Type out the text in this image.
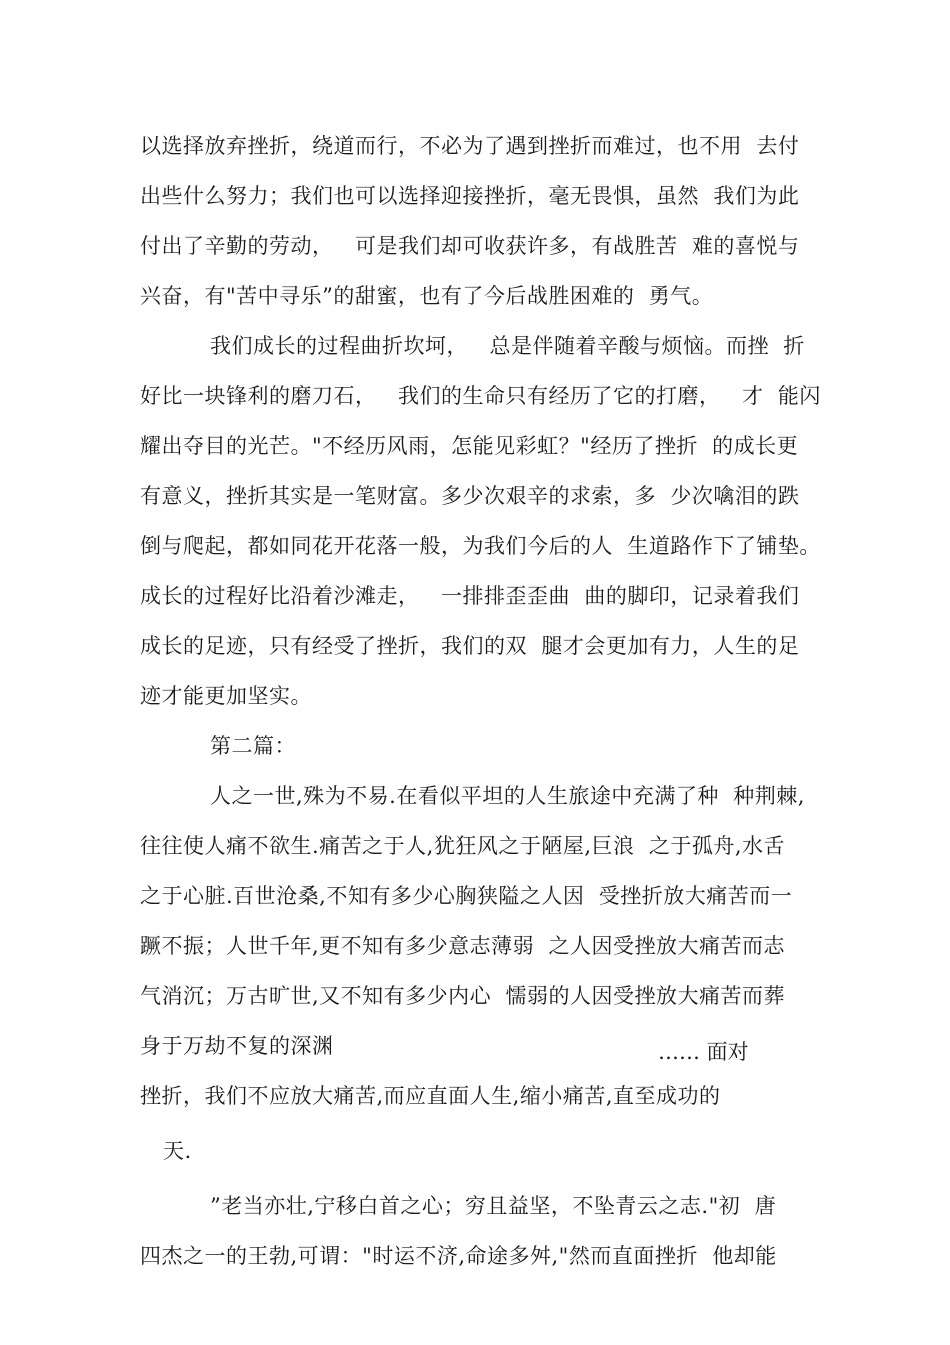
以选择放弃挫折，绕道而行，不必为了遇到挫折而难过，也不用  去付
出些什么努力；我们也可以选择迎接挫折，毫无畏惧，虽然  我们为此
付出了辛勤的劳动，   可是我们却可收获许多，有战胜苦  难的喜悦与
兴奋，有"苦中寻乐”的甜蜜，也有了今后战胜困难的  勇气。
我们成长的过程曲折坎坷，   总是伴随着辛酸与烦恼。而挫  折
好比一块锋利的磨刀石，   我们的生命只有经历了它的打磨，   才  能闪
耀出夺目的光芒。"不经历风雨，怎能见彩虹？"经历了挫折  的成长更
有意义，挫折其实是一笔财富。多少次艰辛的求索，多  少次噙泪的跌
倒与爬起，都如同花开花落一般，为我们今后的人  生道路作下了铺垫。
成长的过程好比沿着沙滩走，   一排排歪歪曲  曲的脚印，记录着我们
成长的足迹，只有经受了挫折，我们的双  腿才会更加有力，人生的足
迹才能更加坚实。
第二篇：
人之一世,殊为不易.在看似平坦的人生旅途中充满了种  种荆棘,
往往使人痛不欲生.痛苦之于人,犹狂风之于陋屋,巨浪  之于孤舟,水舌
之于心脏.百世沧桑,不知有多少心胸狭隘之人因  受挫折放大痛苦而一
蹶不振；人世千年,更不知有多少意志薄弱  之人因受挫放大痛苦而志
气消沉；万古旷世,又不知有多少内心  懦弱的人因受挫放大痛苦而葬
身于万劫不复的深渊	…… 面对
挫折，我们不应放大痛苦,而应直面人生,缩小痛苦,直至成功的
天.
”老当亦壮,宁移白首之心；穷且益坚，不坠青云之志."初  唐
四杰之一的王勃,可谓："时运不济,命途多舛,"然而直面挫折  他却能
